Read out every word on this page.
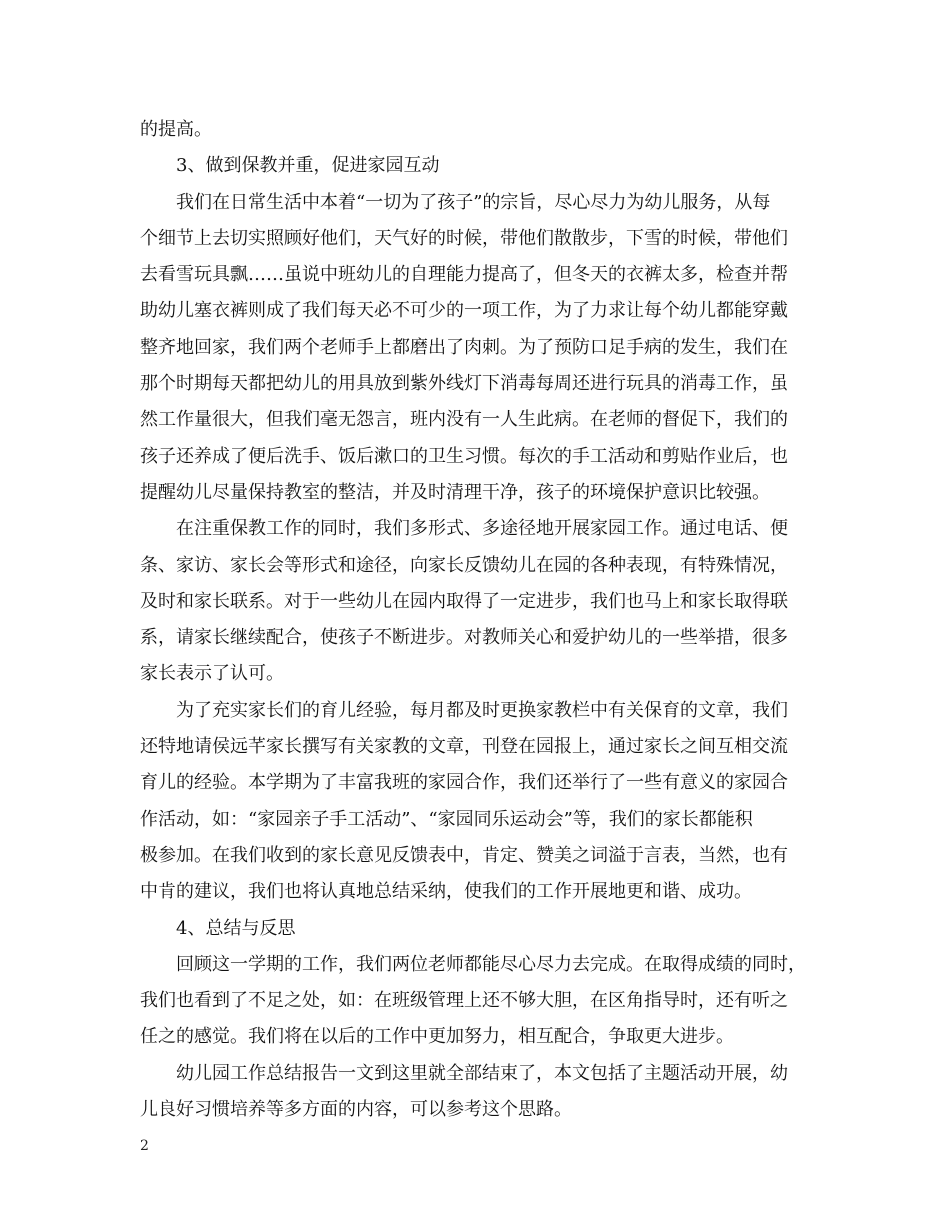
的提高。
3、做到保教并重，促进家园互动
我们在日常生活中本着“一切为了孩子”的宗旨，尽心尽力为幼儿服务，从每
个细节上去切实照顾好他们，天气好的时候，带他们散散步，下雪的时候，带他们
去看雪玩具飘……虽说中班幼儿的自理能力提高了，但冬天的衣裤太多，检查并帮
助幼儿塞衣裤则成了我们每天必不可少的一项工作，为了力求让每个幼儿都能穿戴
整齐地回家，我们两个老师手上都磨出了肉刺。为了预防口足手病的发生，我们在
那个时期每天都把幼儿的用具放到紫外线灯下消毒每周还进行玩具的消毒工作，虽
然工作量很大，但我们毫无怨言，班内没有一人生此病。在老师的督促下，我们的
孩子还养成了便后洗手、饭后漱口的卫生习惯。每次的手工活动和剪贴作业后，也
提醒幼儿尽量保持教室的整洁，并及时清理干净，孩子的环境保护意识比较强。
在注重保教工作的同时，我们多形式、多途径地开展家园工作。通过电话、便
条、家访、家长会等形式和途径，向家长反馈幼儿在园的各种表现，有特殊情况，
及时和家长联系。对于一些幼儿在园内取得了一定进步，我们也马上和家长取得联
系，请家长继续配合，使孩子不断进步。对教师关心和爱护幼儿的一些举措，很多
家长表示了认可。
为了充实家长们的育儿经验，每月都及时更换家教栏中有关保育的文章，我们
还特地请侯远芊家长撰写有关家教的文章，刊登在园报上，通过家长之间互相交流
育儿的经验。本学期为了丰富我班的家园合作，我们还举行了一些有意义的家园合
作活动，如：“家园亲子手工活动”、“家园同乐运动会”等，我们的家长都能积
极参加。在我们收到的家长意见反馈表中，肯定、赞美之词溢于言表，当然，也有
中肯的建议，我们也将认真地总结采纳，使我们的工作开展地更和谐、成功。
4、总结与反思
回顾这一学期的工作，我们两位老师都能尽心尽力去完成。在取得成绩的同时，
我们也看到了不足之处，如：在班级管理上还不够大胆，在区角指导时，还有听之
任之的感觉。我们将在以后的工作中更加努力，相互配合，争取更大进步。
幼儿园工作总结报告一文到这里就全部结束了，本文包括了主题活动开展，幼
儿良好习惯培养等多方面的内容，可以参考这个思路。
2
